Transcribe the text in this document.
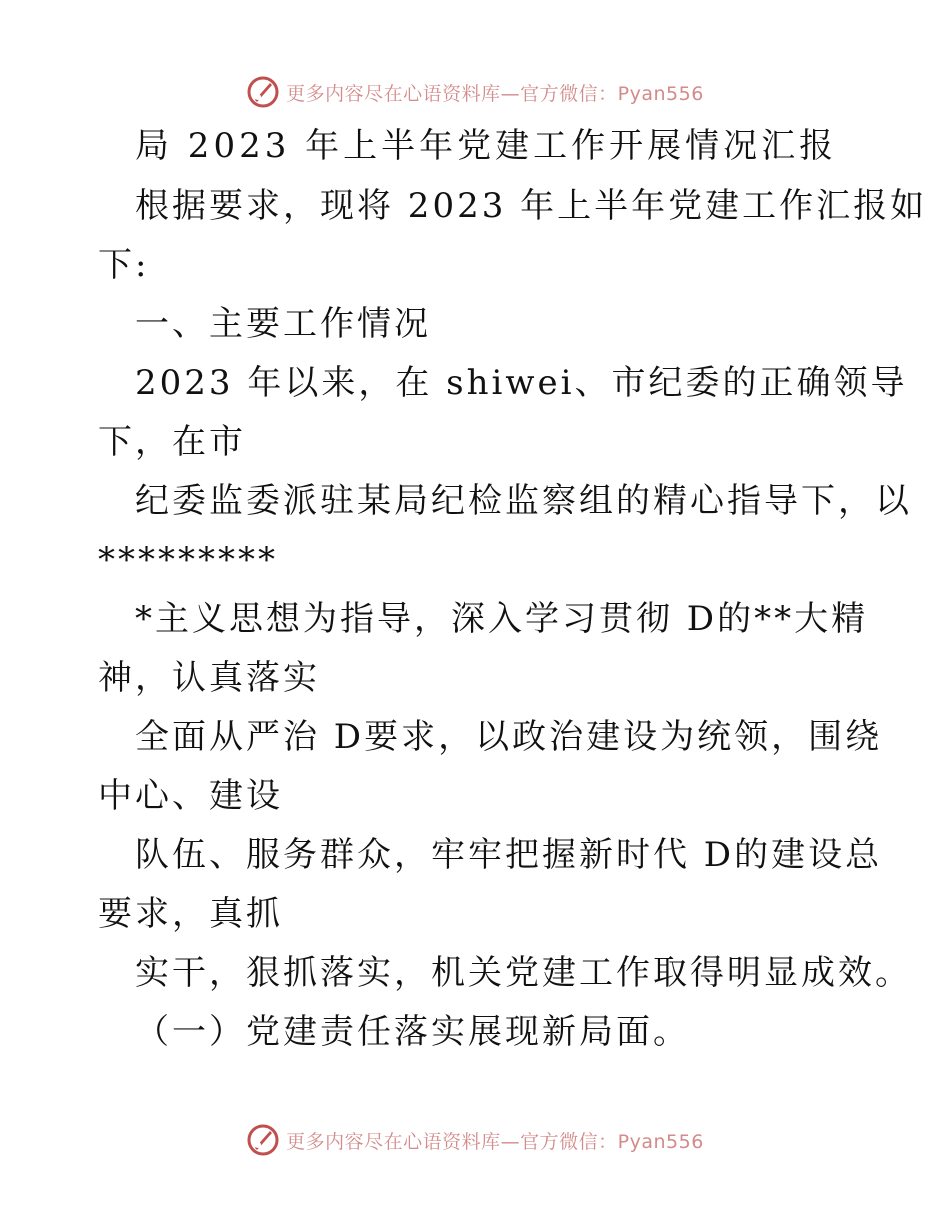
更多内容尽在心语资料库—官方微信：Pyan556
局 2023 年上半年党建工作开展情况汇报
根据要求，现将 2023 年上半年党建工作汇报如
下:
一、主要工作情况
2023 年以来，在 shiwei、市纪委的正确领导
下，在市
纪委监委派驻某局纪检监察组的精心指导下，以
*********
*主义思想为指导，深入学习贯彻 D的**大精
神，认真落实
全面从严治 D要求，以政治建设为统领，围绕
中心、建设
队伍、服务群众，牢牢把握新时代 D的建设总
要求，真抓
实干，狠抓落实，机关党建工作取得明显成效。
（一）党建责任落实展现新局面。
更多内容尽在心语资料库—官方微信：Pyan556
